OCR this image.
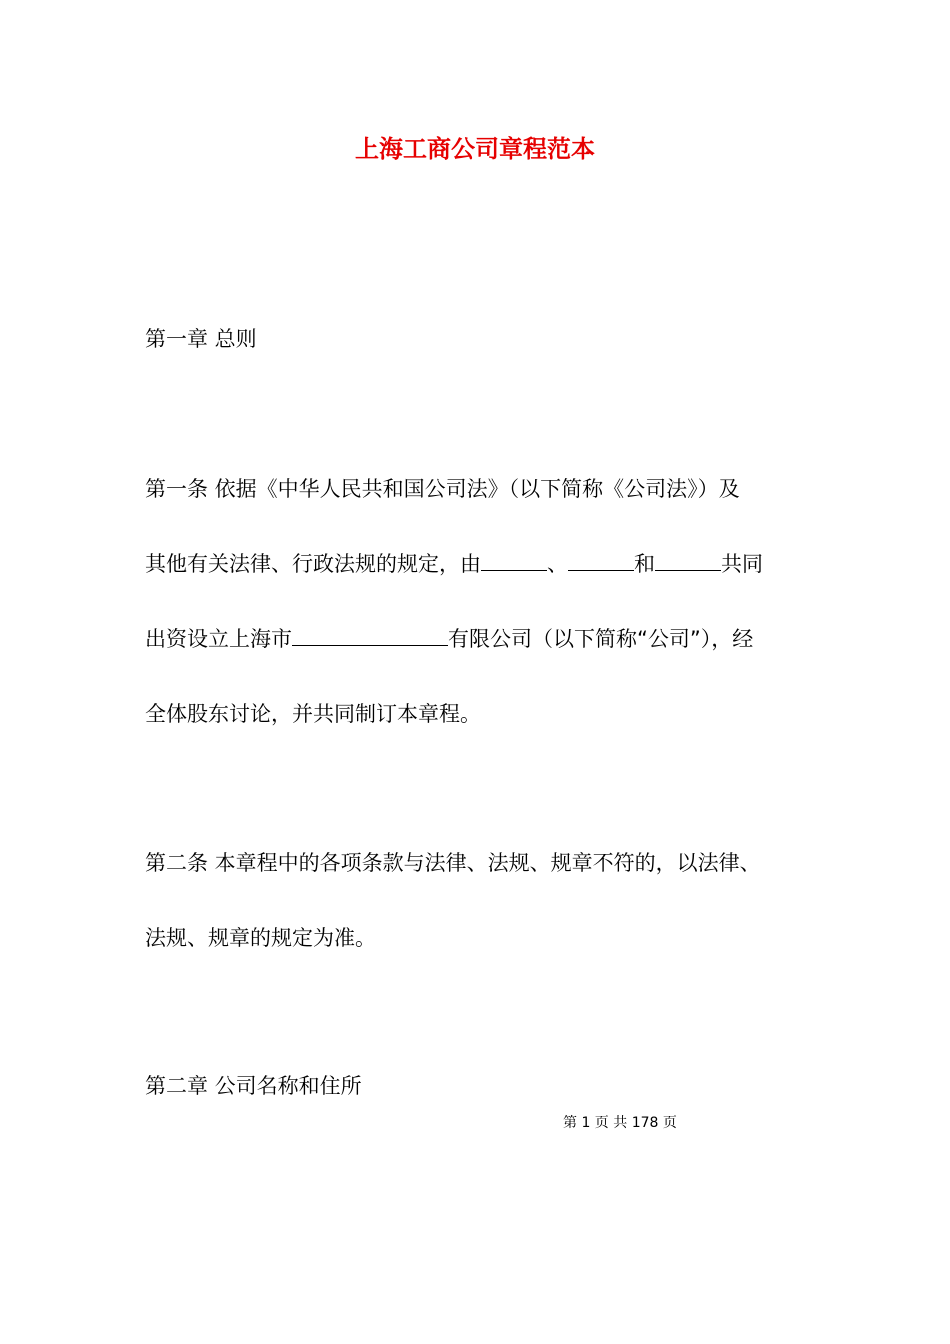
上海工商公司章程范本
第一章 总则
第一条 依据《中华人民共和国公司法》（以下简称《公司法》）及
其他有关法律、行政法规的规定，由	、	和	共同
出资设立上海市	有限公司（以下简称“公司”），经
全体股东讨论，并共同制订本章程。
第二条 本章程中的各项条款与法律、法规、规章不符的，以法律、
法规、规章的规定为准。
第二章 公司名称和住所
第 1 页 共 178 页
